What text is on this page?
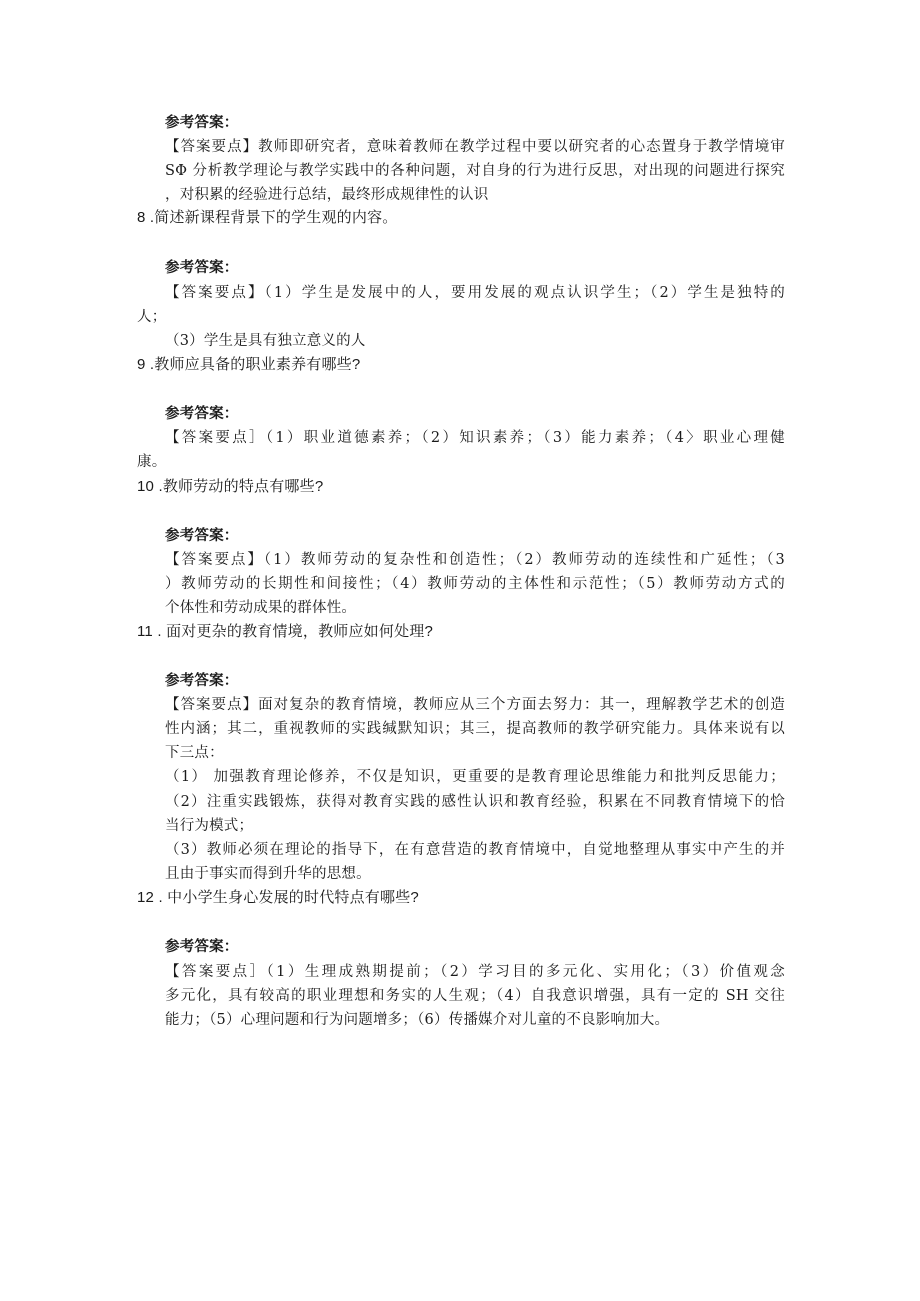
参考答案：
【答案要点】教师即研究者，意味着教师在教学过程中要以研究者的心态置身于教学情境审
SΦ 分析教学理论与教学实践中的各种问题，对自身的行为进行反思，对出现的问题进行探究
，对积累的经验进行总结，最终形成规律性的认识
8 .简述新课程背景下的学生观的内容。
参考答案：
【答案要点】（1）学生是发展中的人，要用发展的观点认识学生；（2）学生是独特的
人；
（3）学生是具有独立意义的人
9 .教师应具备的职业素养有哪些?
参考答案：
【答案要点］（1）职业道德素养；（2）知识素养；（3）能力素养；（4〉职业心理健
康。
10 .教师劳动的特点有哪些?
参考答案：
【答案要点】（1）教师劳动的复杂性和创造性；（2）教师劳动的连续性和广延性；（3
）教师劳动的长期性和间接性；（4）教师劳动的主体性和示范性；（5）教师劳动方式的
个体性和劳动成果的群体性。
11 . 面对更杂的教育情境，教师应如何处理?
参考答案：
【答案要点】面对复杂的教育情境，教师应从三个方面去努力：其一，理解教学艺术的创造
性内涵；其二，重视教师的实践缄默知识；其三，提高教师的教学研究能力。具体来说有以
下三点：
（1） 加强教育理论修养，不仅是知识，更重要的是教育理论思维能力和批判反思能力；
（2）注重实践锻炼，获得对教育实践的感性认识和教育经验，积累在不同教育情境下的恰
当行为模式；
（3）教师必须在理论的指导下，在有意营造的教育情境中，自觉地整理从事实中产生的并
且由于事实而得到升华的思想。
12 . 中小学生身心发展的时代特点有哪些?
参考答案：
【答案要点］（1）生理成熟期提前；（2）学习目的多元化、实用化；（3）价值观念
多元化，具有较高的职业理想和务实的人生观；（4）自我意识增强，具有一定的 SH 交往
能力；（5）心理问题和行为问题增多；（6）传播媒介对儿童的不良影响加大。
